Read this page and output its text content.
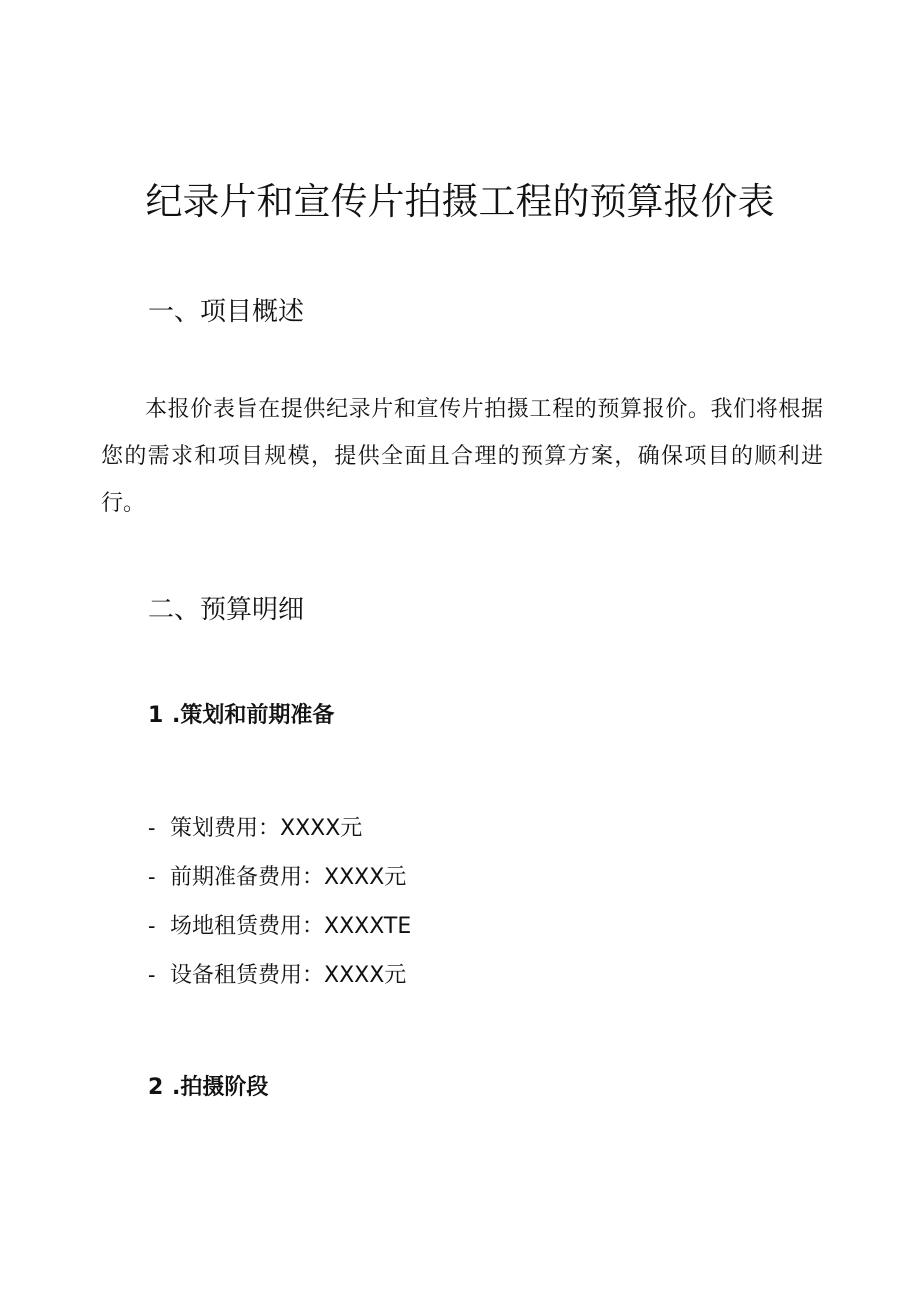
纪录片和宣传片拍摄工程的预算报价表
一、项目概述

本报价表旨在提供纪录片和宣传片拍摄工程的预算报价。我们将根据您的需求和项目规模，提供全面且合理的预算方案，确保项目的顺利进行。

二、预算明细
1 .策划和前期准备
- 策划费用：XXXX元
- 前期准备费用：XXXX元
- 场地租赁费用：XXXXTE
- 设备租赁费用：XXXX元
2 .拍摄阶段
